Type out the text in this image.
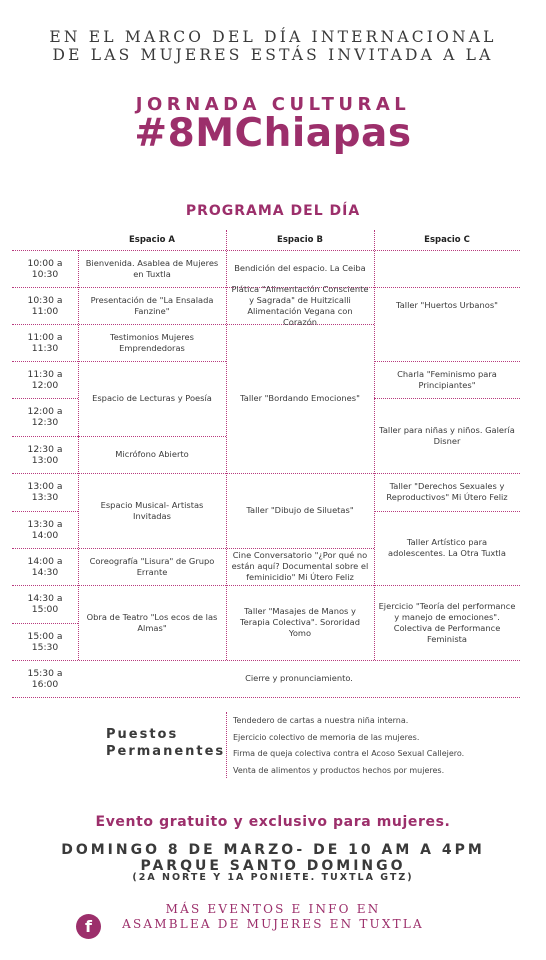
EN EL MARCO DEL DÍA INTERNACIONAL
DE LAS MUJERES ESTÁS INVITADA A LA
JORNADA CULTURAL
#8MChiapas
PROGRAMA DEL DÍA
Espacio A	Espacio B	Espacio C
10:00 a 10:30
10:30 a 11:00
11:00 a 11:30
11:30 a 12:00
12:00 a 12:30
12:30 a 13:00
13:00 a 13:30
13:30 a 14:00
14:00 a 14:30
14:30 a 15:00
15:00 a 15:30
15:30 a 16:00
Bienvenida. Asablea de Mujeres en Tuxtla
Presentación de "La Ensalada Fanzine"
Testimonios Mujeres Emprendedoras
Espacio de Lecturas y Poesía
Micrófono Abierto
Espacio Musical- Artistas Invitadas
Coreografía "Lisura" de Grupo Errante
Obra de Teatro "Los ecos de las Almas"
Bendición del espacio. La Ceiba
Plática "Alimentación Consciente y Sagrada" de Huitzicalli Alimentación Vegana con Corazón
Taller "Bordando Emociones"
Taller "Dibujo de Siluetas"
Cine Conversatorio "¿Por qué no están aquí? Documental sobre el feminicidio" Mi Útero Feliz
Taller "Masajes de Manos y Terapia Colectiva". Sororidad Yomo
Taller "Huertos Urbanos"
Charla "Feminismo para Principiantes"
Taller para niñas y niños. Galería Disner
Taller "Derechos Sexuales y Reproductivos" Mi Útero Feliz
Taller Artístico para adolescentes. La Otra Tuxtla
Ejercicio "Teoría del performance y manejo de emociones". Colectiva de Performance Feminista
Cierre y pronunciamiento.
Puestos
Permanentes
Tendedero de cartas a nuestra niña interna.
Ejercicio colectivo de memoria de las mujeres.
Firma de queja colectiva contra el Acoso Sexual Callejero.
Venta de alimentos y productos hechos por mujeres.
Evento gratuito y exclusivo para mujeres.
DOMINGO 8 DE MARZO- DE 10 AM A 4PM
PARQUE SANTO DOMINGO
(2A NORTE Y 1A PONIETE. TUXTLA GTZ)
f
MÁS EVENTOS E INFO EN
ASAMBLEA DE MUJERES EN TUXTLA
